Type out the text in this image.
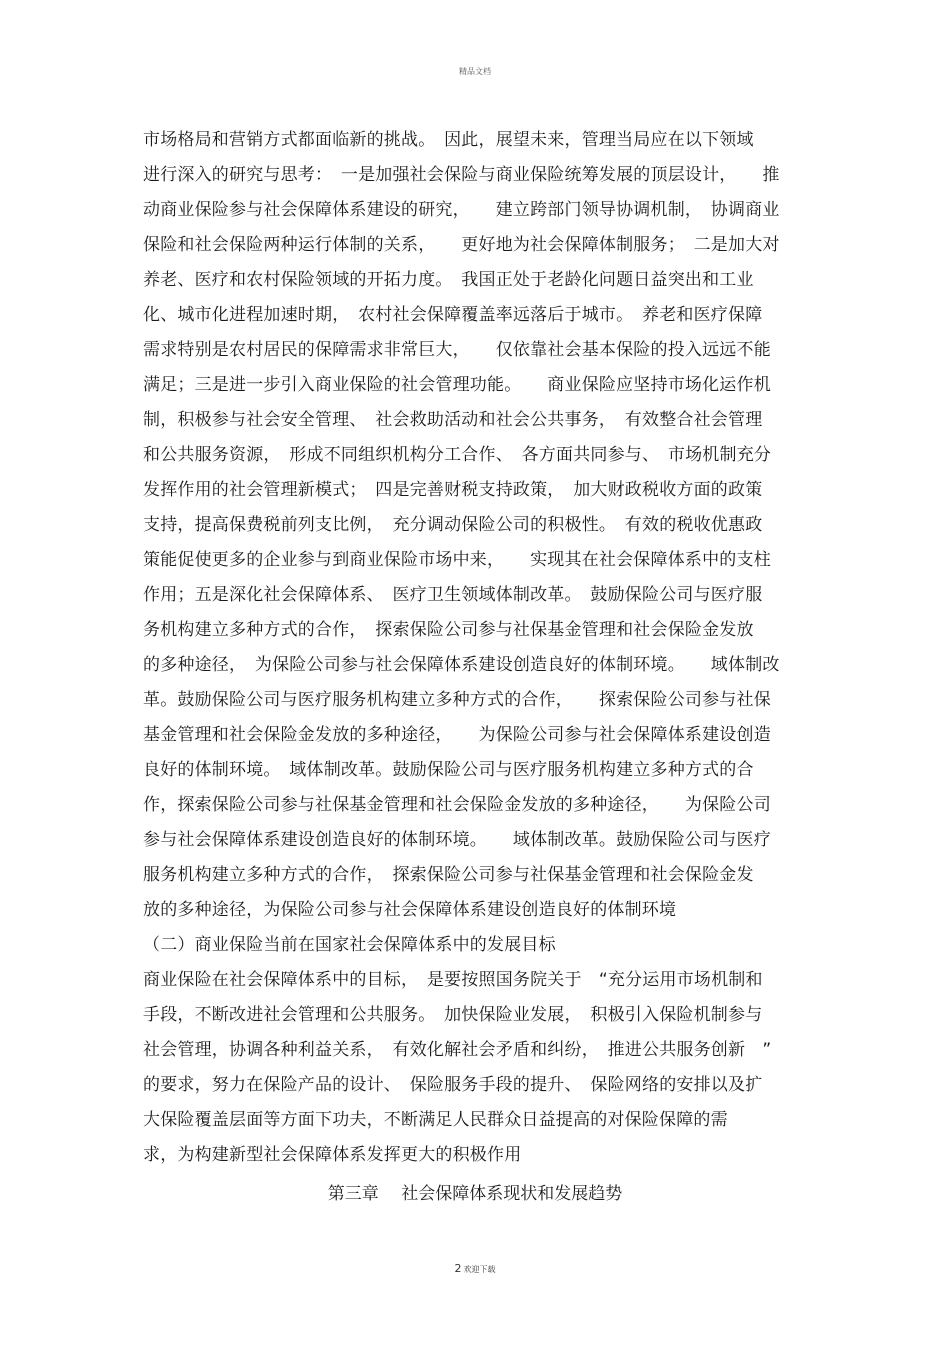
精品文档
市场格局和营销方式都面临新的挑战。　因此，展望未来，管理当局应在以下领域
进行深入的研究与思考：　一是加强社会保险与商业保险统筹发展的顶层设计，　　推
动商业保险参与社会保障体系建设的研究，　　建立跨部门领导协调机制，　协调商业
保险和社会保险两种运行体制的关系，　　更好地为社会保障体制服务；　二是加大对
养老、医疗和农村保险领域的开拓力度。　我国正处于老龄化问题日益突出和工业
化、城市化进程加速时期，　农村社会保障覆盖率远落后于城市。　养老和医疗保障
需求特别是农村居民的保障需求非常巨大，　　仅依靠社会基本保险的投入远远不能
满足；三是进一步引入商业保险的社会管理功能。　　商业保险应坚持市场化运作机
制，积极参与社会安全管理、　社会救助活动和社会公共事务，　有效整合社会管理
和公共服务资源，　形成不同组织机构分工合作、　各方面共同参与、　市场机制充分
发挥作用的社会管理新模式；　四是完善财税支持政策，　加大财政税收方面的政策
支持，提高保费税前列支比例，　充分调动保险公司的积极性。　有效的税收优惠政
策能促使更多的企业参与到商业保险市场中来，　　实现其在社会保障体系中的支柱
作用；五是深化社会保障体系、　医疗卫生领域体制改革。　鼓励保险公司与医疗服
务机构建立多种方式的合作，　探索保险公司参与社保基金管理和社会保险金发放
的多种途径，　为保险公司参与社会保障体系建设创造良好的体制环境。　　域体制改
革。鼓励保险公司与医疗服务机构建立多种方式的合作，　　探索保险公司参与社保
基金管理和社会保险金发放的多种途径，　　为保险公司参与社会保障体系建设创造
良好的体制环境。　域体制改革。鼓励保险公司与医疗服务机构建立多种方式的合
作，探索保险公司参与社保基金管理和社会保险金发放的多种途径，　　为保险公司
参与社会保障体系建设创造良好的体制环境。　　域体制改革。鼓励保险公司与医疗
服务机构建立多种方式的合作，　探索保险公司参与社保基金管理和社会保险金发
放的多种途径，为保险公司参与社会保障体系建设创造良好的体制环境
（二）商业保险当前在国家社会保障体系中的发展目标
商业保险在社会保障体系中的目标，　是要按照国务院关于　“充分运用市场机制和
手段，不断改进社会管理和公共服务。　加快保险业发展，　积极引入保险机制参与
社会管理，协调各种利益关系，　有效化解社会矛盾和纠纷，　推进公共服务创新　”
的要求，努力在保险产品的设计、　保险服务手段的提升、　保险网络的安排以及扩
大保险覆盖层面等方面下功夫，不断满足人民群众日益提高的对保险保障的需
求，为构建新型社会保障体系发挥更大的积极作用
第三章　 社会保障体系现状和发展趋势
2 欢迎下载
